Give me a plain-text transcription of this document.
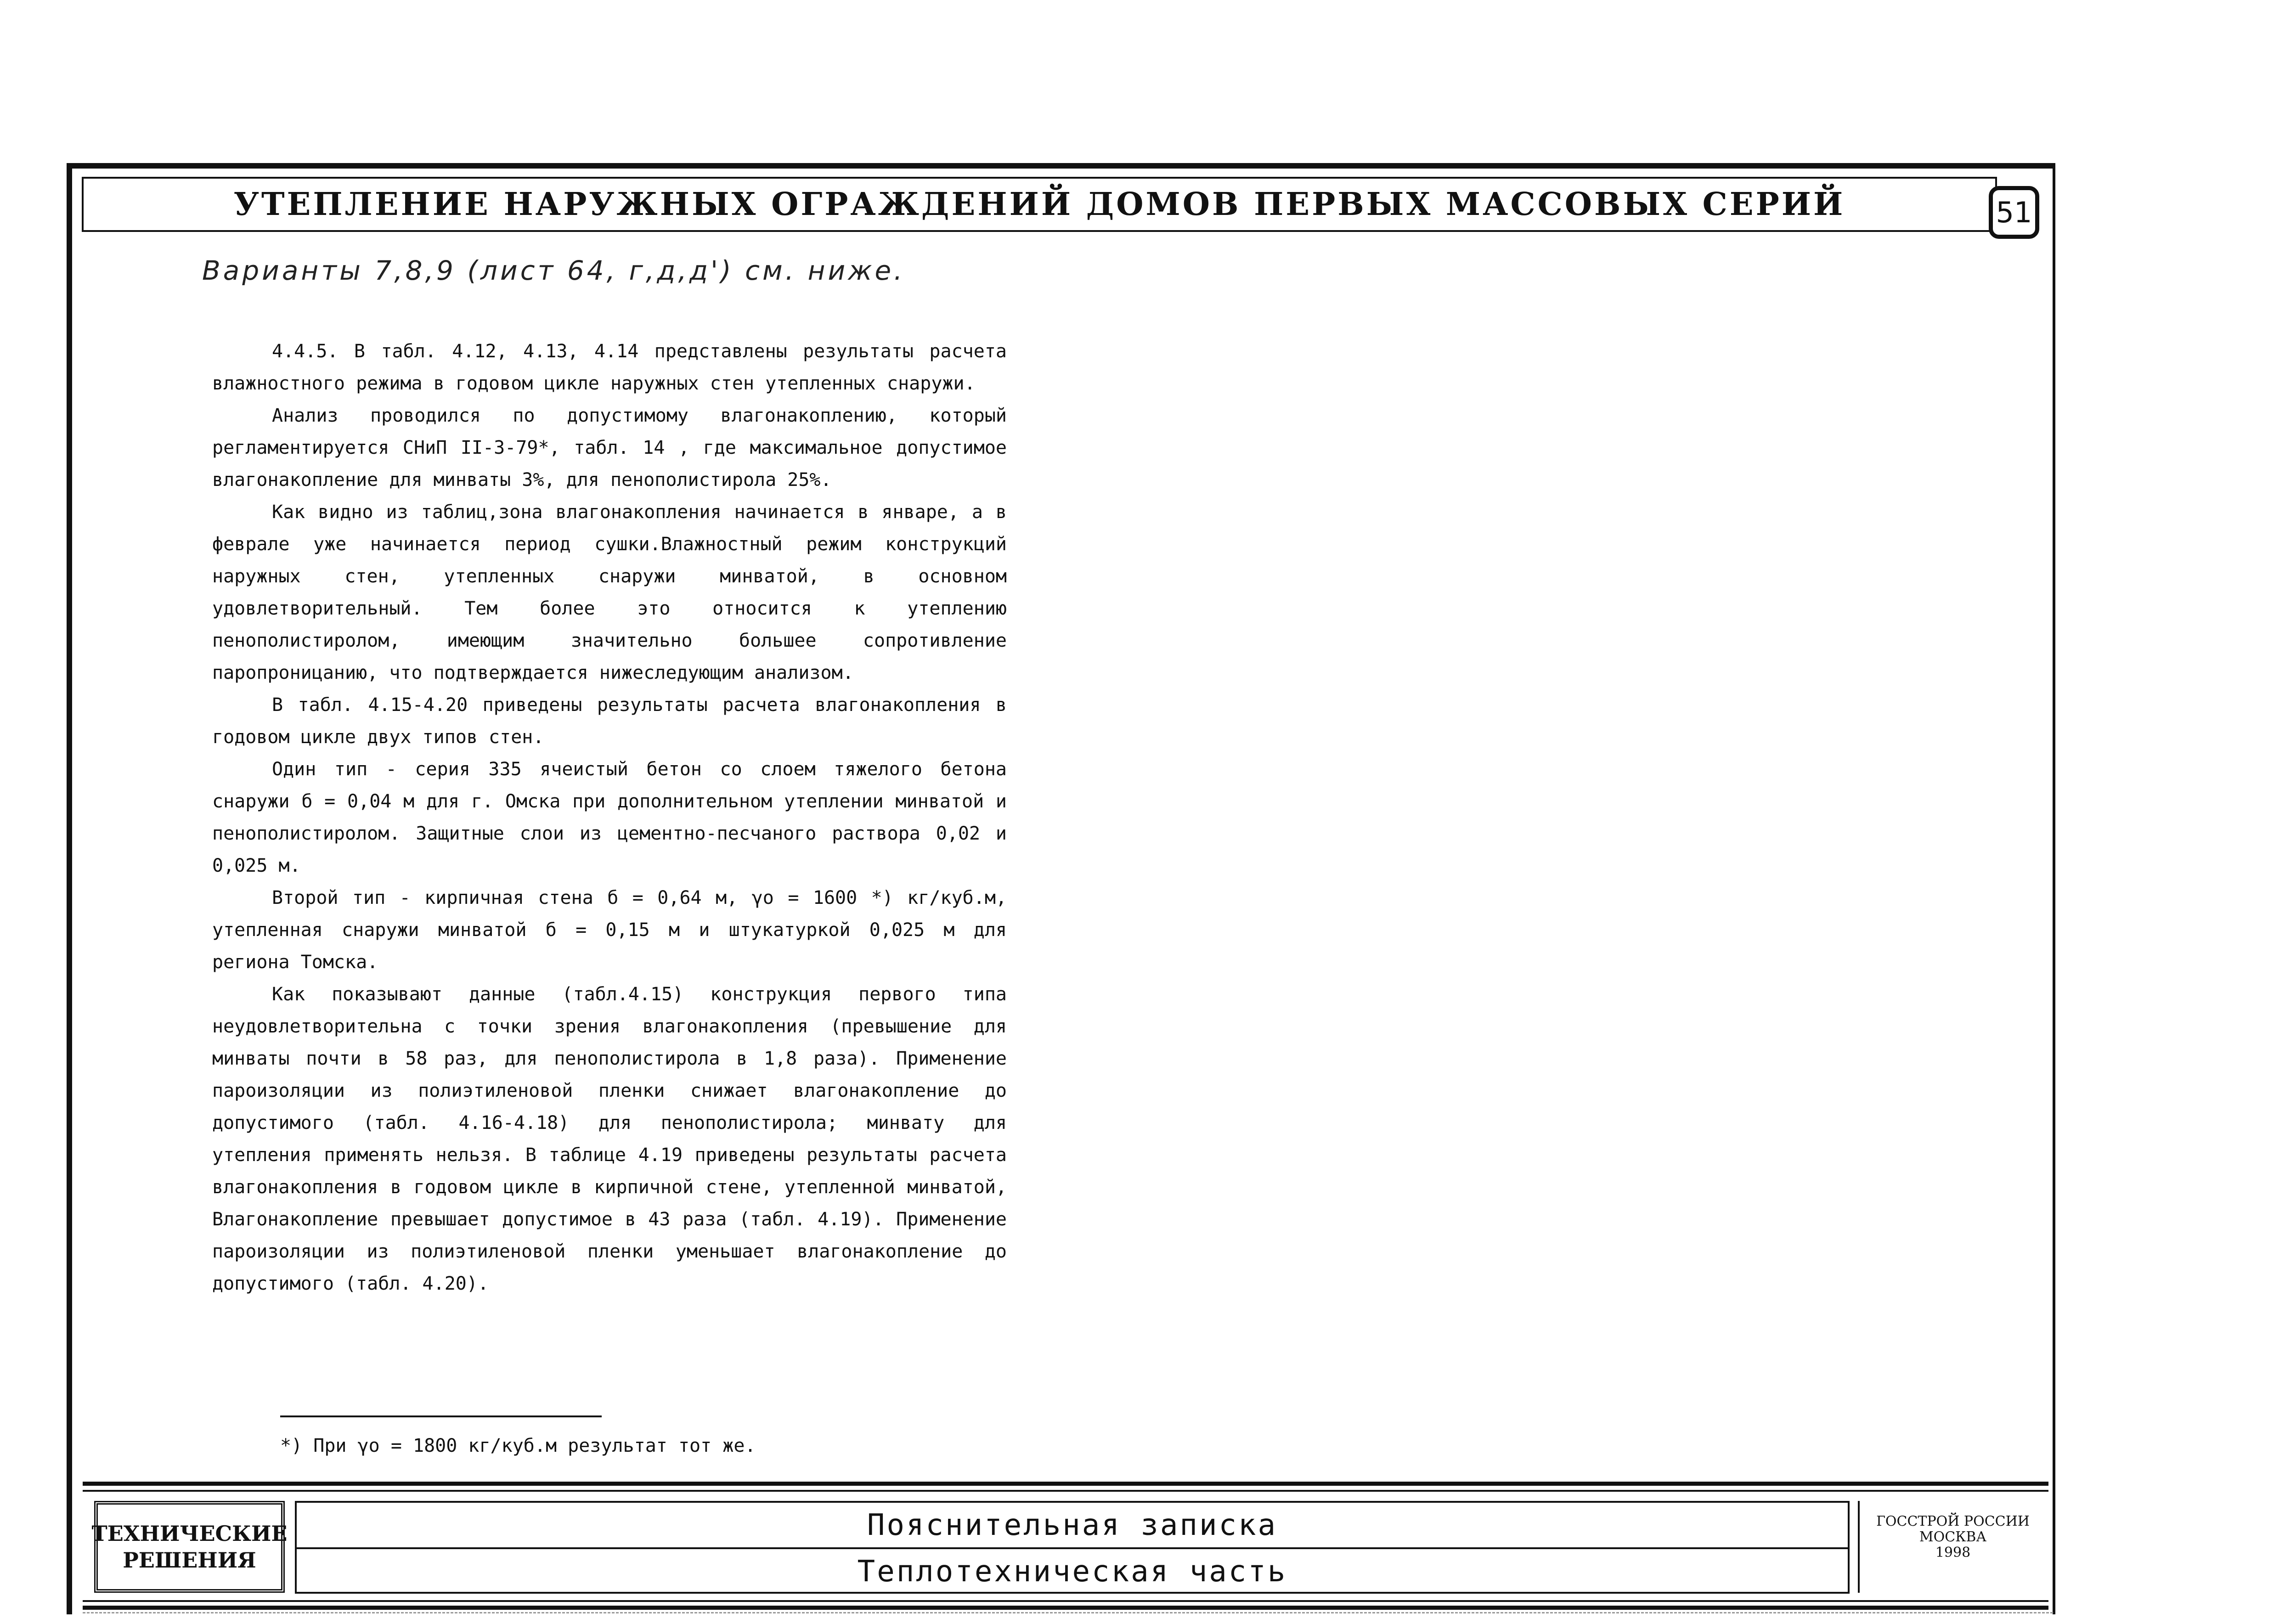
УТЕПЛЕНИЕ НАРУЖНЫХ ОГРАЖДЕНИЙ ДОМОВ ПЕРВЫХ МАССОВЫХ СЕРИЙ	51
Варианты 7,8,9 (лист 64, г,д,д') см. ниже.

4.4.5. В табл. 4.12, 4.13, 4.14 представлены результаты расчета влажностного режима в годовом цикле наружных стен утепленных снаружи.

Анализ проводился по допустимому влагонакоплению, который регламентируется СНиП II-3-79*, табл. 14 , где максимальное допустимое влагонакопление для минваты 3%, для пенополистирола 25%.

Как видно из таблиц,зона влагонакопления начинается в январе, а в феврале уже начинается период сушки.Влажностный режим конструкций наружных стен, утепленных снаружи минватой, в основном удовлетворительный. Тем более это относится к утеплению пенополистиролом, имеющим значительно большее сопротивление паропроницанию, что подтверждается нижеследующим анализом.

В табл. 4.15-4.20 приведены результаты расчета влагонакопления в годовом цикле двух типов стен.

Один тип - серия 335 ячеистый бетон со слоем тяжелого бетона снаружи б = 0,04 м для г. Омска при дополнительном утеплении минватой и пенополистиролом. Защитные слои из цементно-песчаного раствора 0,02 и 0,025 м.

Второй тип - кирпичная стена б = 0,64 м, γo = 1600 *) кг/куб.м, утепленная снаружи минватой б = 0,15 м и штукатуркой 0,025 м для региона Томска.

Как показывают данные (табл.4.15) конструкция первого типа неудовлетворительна с точки зрения влагонакопления (превышение для минваты почти в 58 раз, для пенополистирола в 1,8 раза). Применение пароизоляции из полиэтиленовой пленки снижает влагонакопление до допустимого (табл. 4.16-4.18) для пенополистирола; минвату для утепления применять нельзя. В таблице 4.19 приведены результаты расчета влагонакопления в годовом цикле в кирпичной стене, утепленной минватой, Влагонакопление превышает допустимое в 43 раза (табл. 4.19). Применение пароизоляции из полиэтиленовой пленки уменьшает влагонакопление до допустимого (табл. 4.20).

*) При γo = 1800 кг/куб.м результат тот же.
ТЕХНИЧЕСКИЕ
РЕШЕНИЯ
Пояснительная записка
Теплотехническая часть
ГОССТРОЙ РОССИИ
МОСКВА
1998
